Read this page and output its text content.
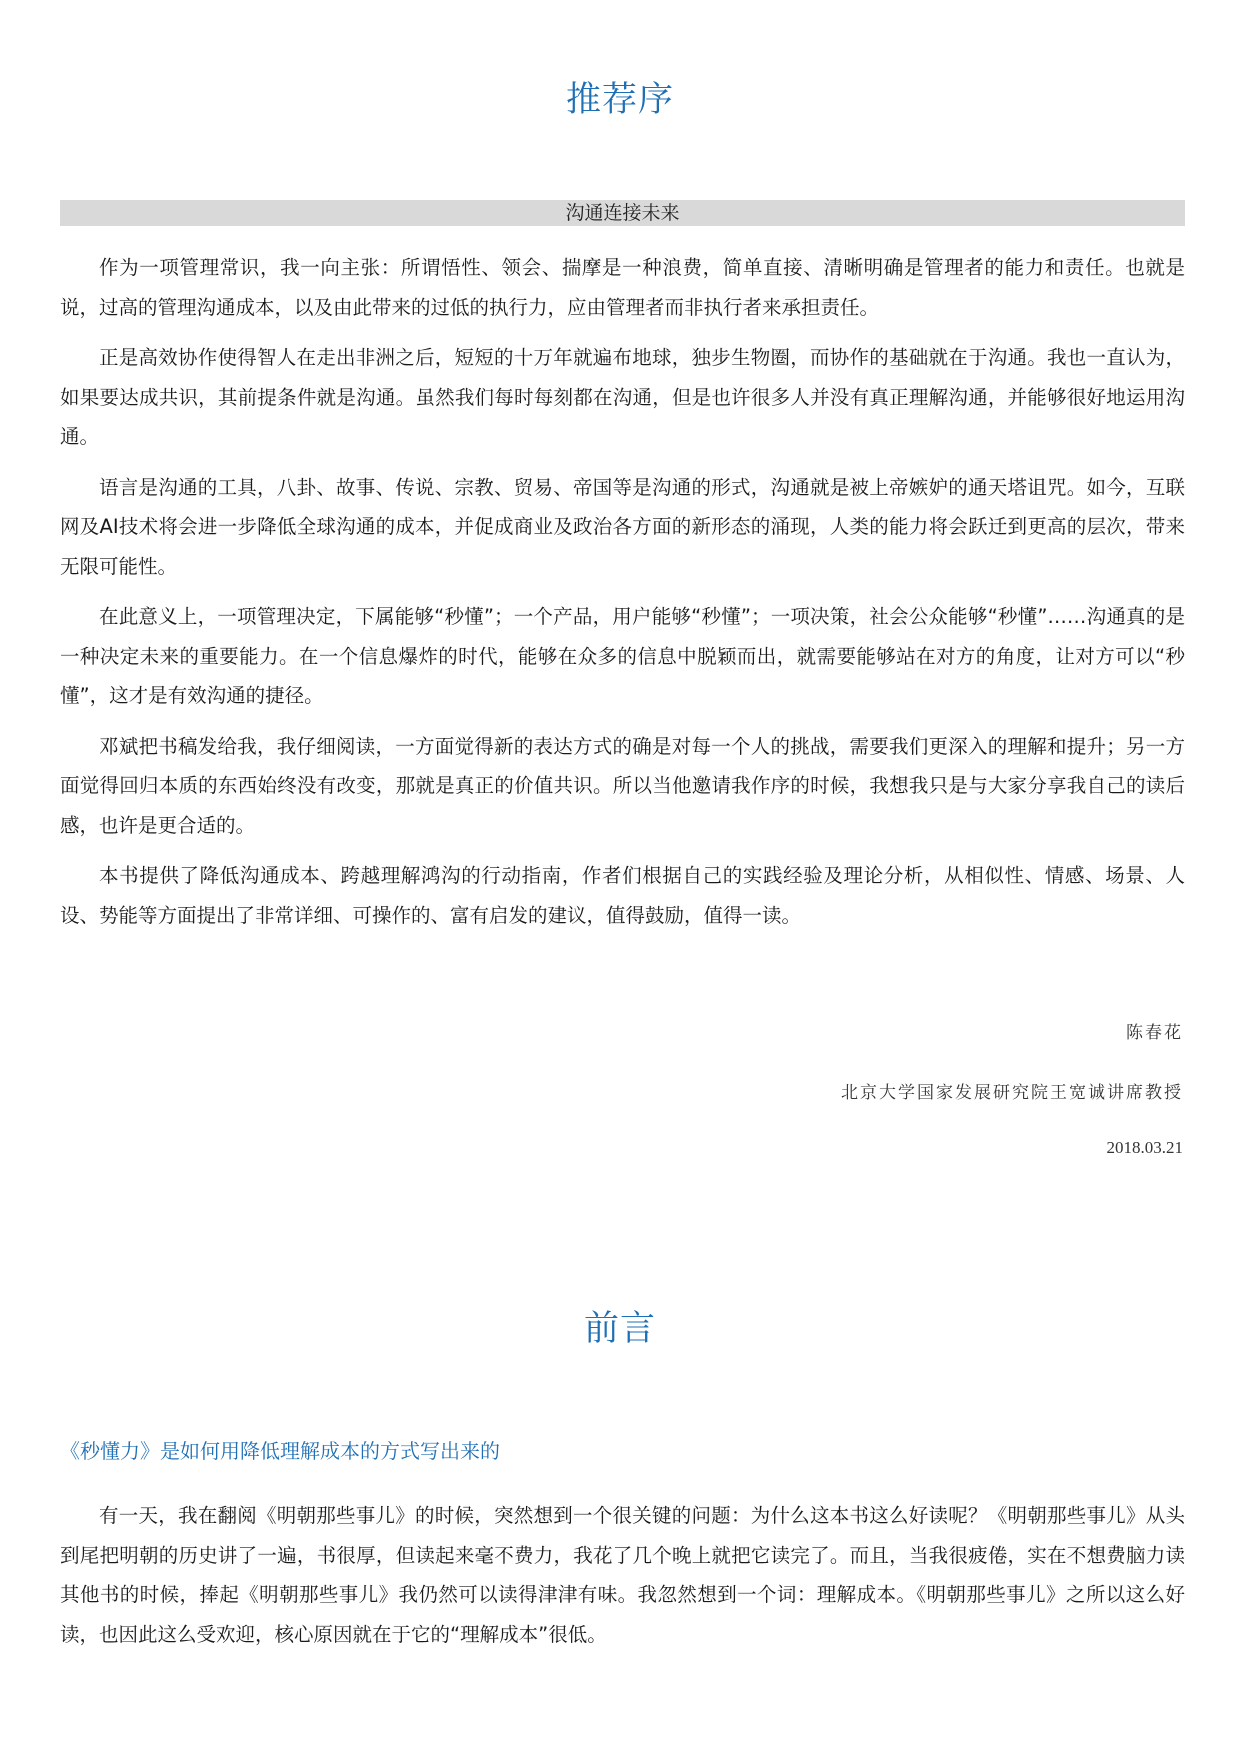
推荐序
沟通连接未来

作为一项管理常识，我一向主张：所谓悟性、领会、揣摩是一种浪费，简单直接、清晰明确是管理者的能力和责任。也就是说，过高的管理沟通成本，以及由此带来的过低的执行力，应由管理者而非执行者来承担责任。

正是高效协作使得智人在走出非洲之后，短短的十万年就遍布地球，独步生物圈，而协作的基础就在于沟通。我也一直认为，如果要达成共识，其前提条件就是沟通。虽然我们每时每刻都在沟通，但是也许很多人并没有真正理解沟通，并能够很好地运用沟通。

语言是沟通的工具，八卦、故事、传说、宗教、贸易、帝国等是沟通的形式，沟通就是被上帝嫉妒的通天塔诅咒。如今，互联网及AI技术将会进一步降低全球沟通的成本，并促成商业及政治各方面的新形态的涌现，人类的能力将会跃迁到更高的层次，带来无限可能性。

在此意义上，一项管理决定，下属能够“秒懂”；一个产品，用户能够“秒懂”；一项决策，社会公众能够“秒懂”……沟通真的是一种决定未来的重要能力。在一个信息爆炸的时代，能够在众多的信息中脱颖而出，就需要能够站在对方的角度，让对方可以“秒懂”，这才是有效沟通的捷径。

邓斌把书稿发给我，我仔细阅读，一方面觉得新的表达方式的确是对每一个人的挑战，需要我们更深入的理解和提升；另一方面觉得回归本质的东西始终没有改变，那就是真正的价值共识。所以当他邀请我作序的时候，我想我只是与大家分享我自己的读后感，也许是更合适的。

本书提供了降低沟通成本、跨越理解鸿沟的行动指南，作者们根据自己的实践经验及理论分析，从相似性、情感、场景、人设、势能等方面提出了非常详细、可操作的、富有启发的建议，值得鼓励，值得一读。

陈春花
北京大学国家发展研究院王宽诚讲席教授
2018.03.21
前言
《秒懂力》是如何用降低理解成本的方式写出来的

有一天，我在翻阅《明朝那些事儿》的时候，突然想到一个很关键的问题：为什么这本书这么好读呢？《明朝那些事儿》从头到尾把明朝的历史讲了一遍，书很厚，但读起来毫不费力，我花了几个晚上就把它读完了。而且，当我很疲倦，实在不想费脑力读其他书的时候，捧起《明朝那些事儿》我仍然可以读得津津有味。我忽然想到一个词：理解成本。《明朝那些事儿》之所以这么好读，也因此这么受欢迎，核心原因就在于它的“理解成本”很低。
